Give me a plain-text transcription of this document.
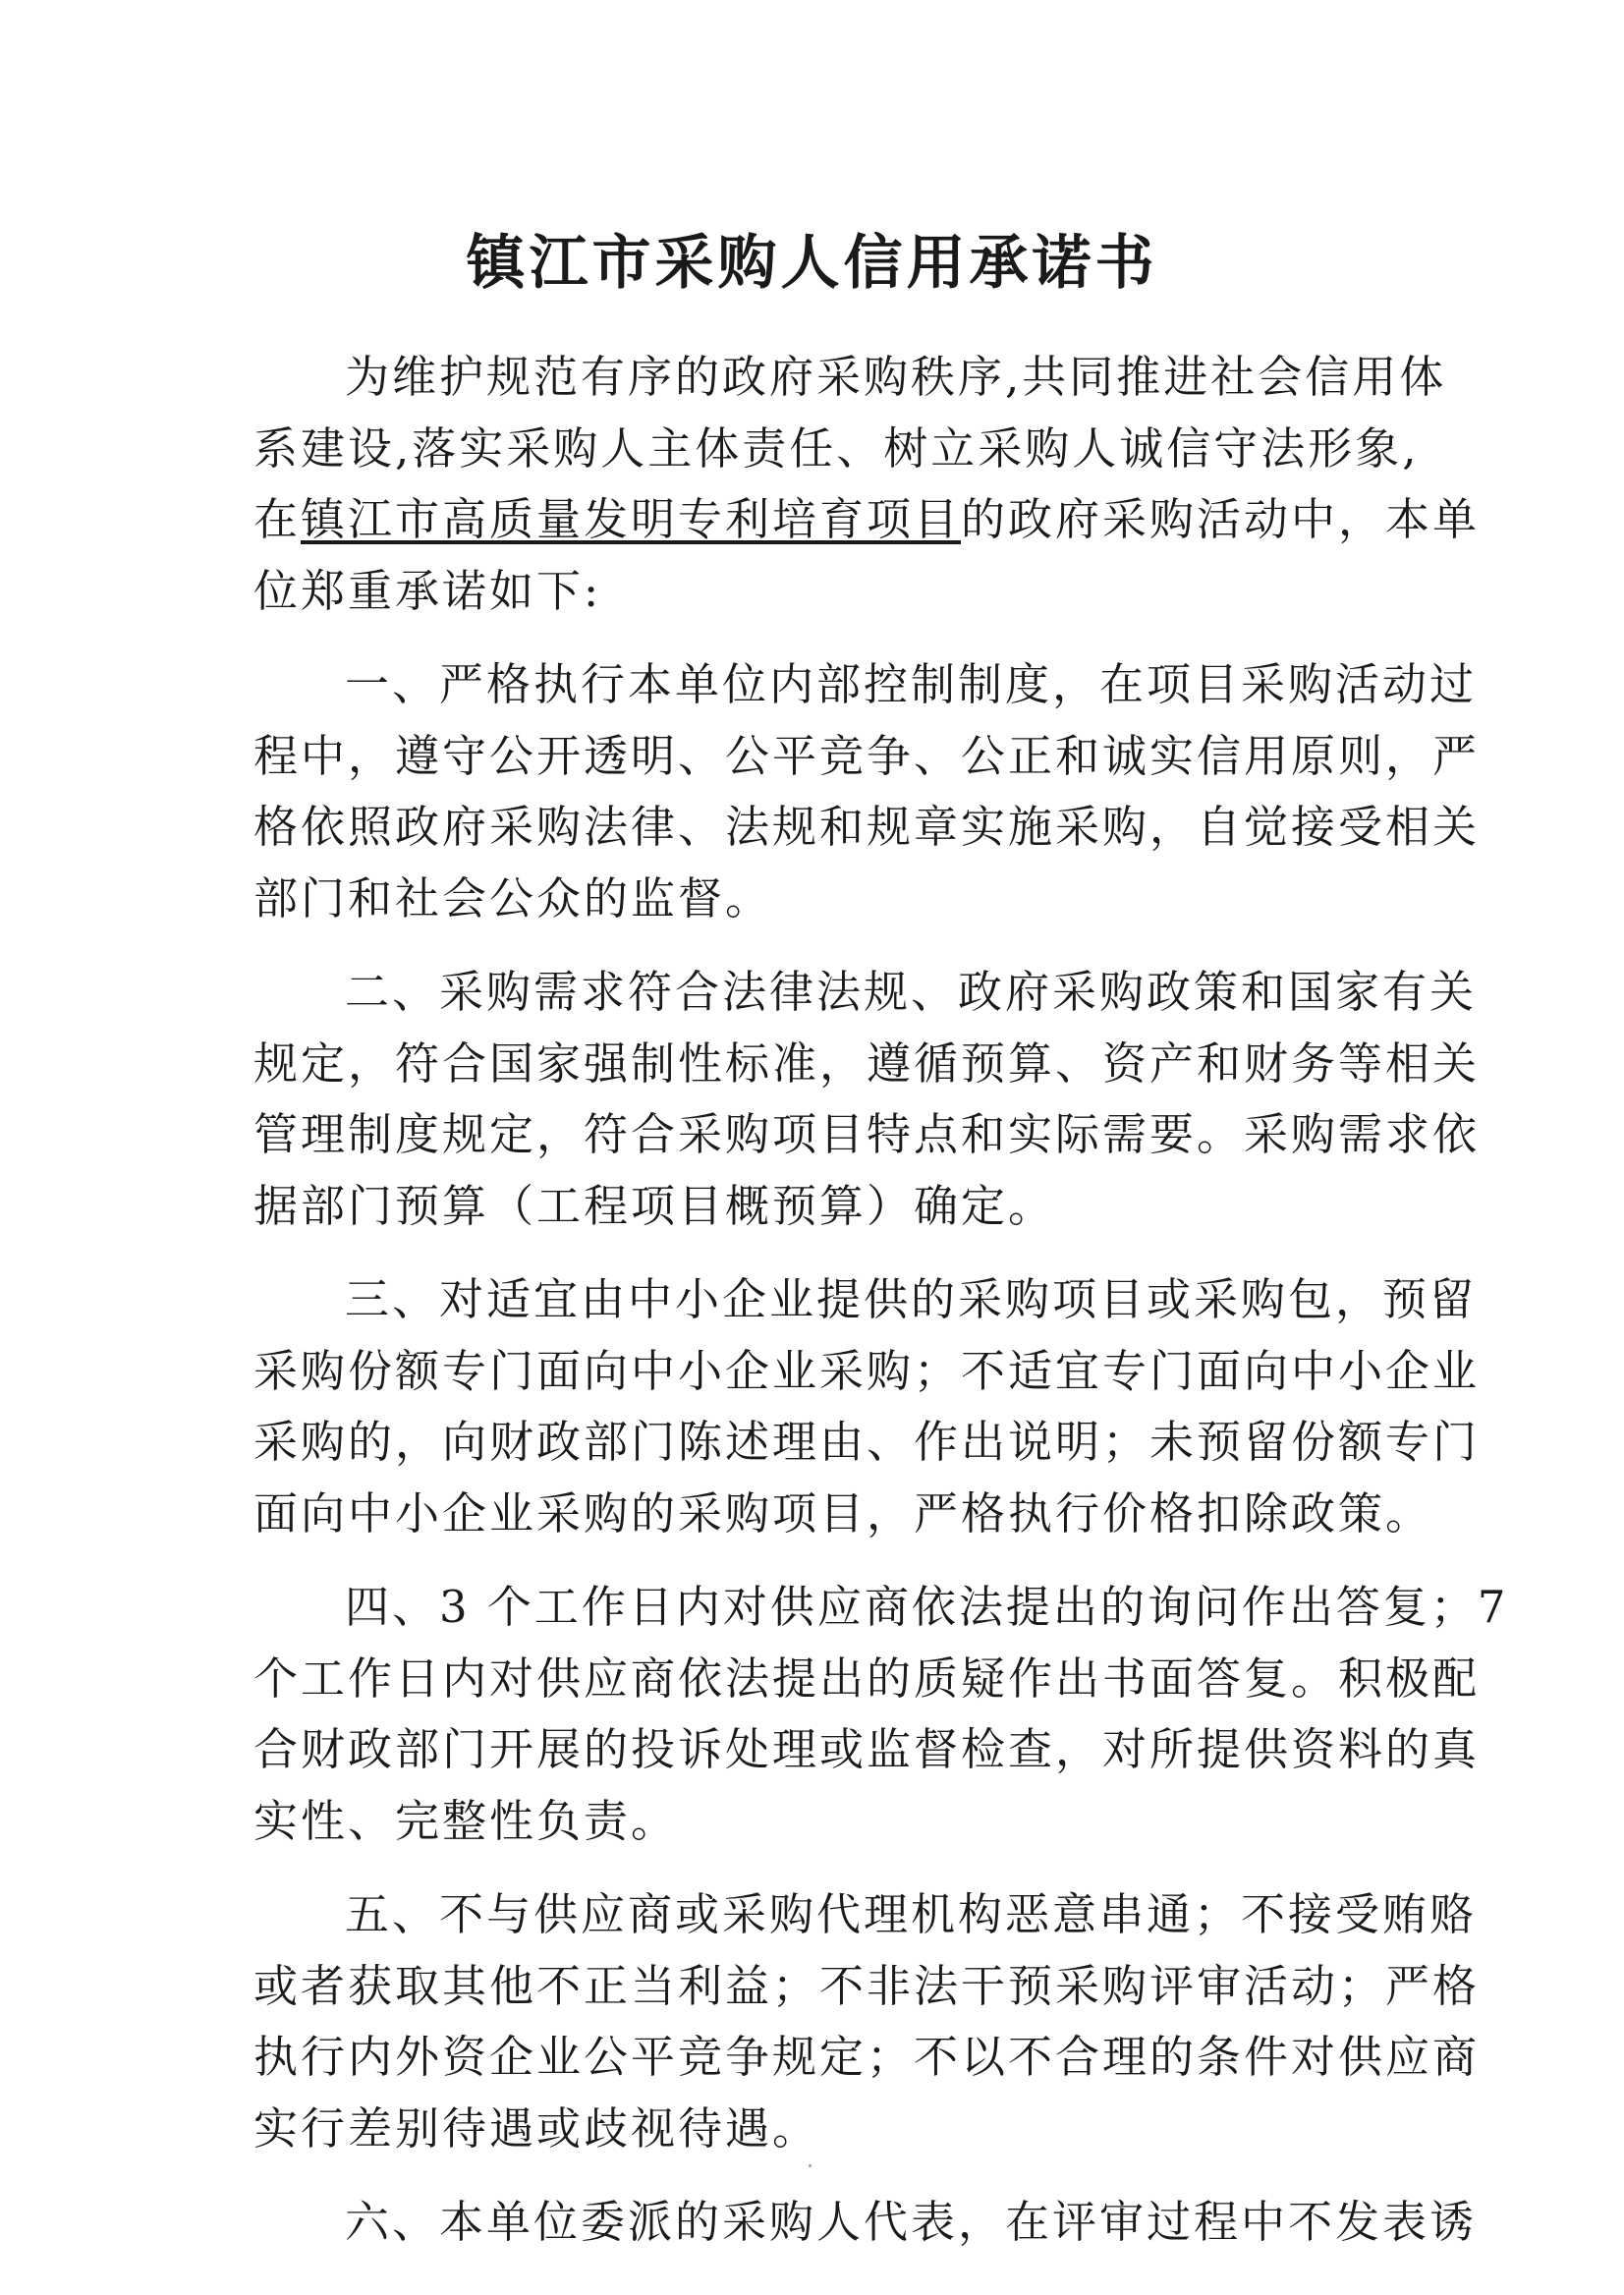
镇江市采购人信用承诺书
为维护规范有序的政府采购秩序,共同推进社会信用体
系建设,落实采购人主体责任、树立采购人诚信守法形象,
在镇江市高质量发明专利培育项目的政府采购活动中，本单
位郑重承诺如下:
一、严格执行本单位内部控制制度，在项目采购活动过
程中，遵守公开透明、公平竞争、公正和诚实信用原则，严
格依照政府采购法律、法规和规章实施采购，自觉接受相关
部门和社会公众的监督。
二、采购需求符合法律法规、政府采购政策和国家有关
规定，符合国家强制性标准，遵循预算、资产和财务等相关
管理制度规定，符合采购项目特点和实际需要。采购需求依
据部门预算（工程项目概预算）确定。
三、对适宜由中小企业提供的采购项目或采购包，预留
采购份额专门面向中小企业采购；不适宜专门面向中小企业
采购的，向财政部门陈述理由、作出说明；未预留份额专门
面向中小企业采购的采购项目，严格执行价格扣除政策。
四、3 个工作日内对供应商依法提出的询问作出答复；7
个工作日内对供应商依法提出的质疑作出书面答复。积极配
合财政部门开展的投诉处理或监督检查，对所提供资料的真
实性、完整性负责。
五、不与供应商或采购代理机构恶意串通；不接受贿赂
或者获取其他不正当利益；不非法干预采购评审活动；严格
执行内外资企业公平竞争规定；不以不合理的条件对供应商
实行差别待遇或歧视待遇。
六、本单位委派的采购人代表，在评审过程中不发表诱
